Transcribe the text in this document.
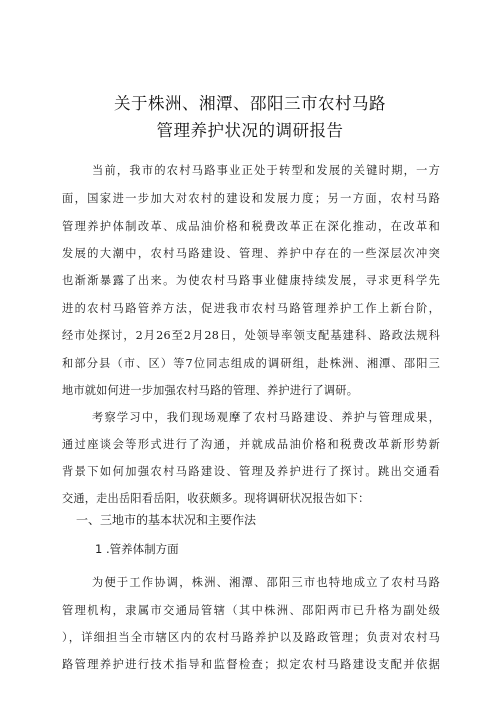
关于株洲、湘潭、邵阳三市农村马路
管理养护状况的调研报告
当前，我市的农村马路事业正处于转型和发展的关键时期，一方
面，国家进一步加大对农村的建设和发展力度；另一方面，农村马路
管理养护体制改革、成品油价格和税费改革正在深化推动，在改革和
发展的大潮中，农村马路建设、管理、养护中存在的一些深层次冲突
也渐渐暴露了出来。为使农村马路事业健康持续发展，寻求更科学先
进的农村马路管养方法，促进我市农村马路管理养护工作上新台阶，
经市处探讨，2月26至2月28日，处领导率领支配基建科、路政法规科
和部分县（市、区）等7位同志组成的调研组，赴株洲、湘潭、邵阳三
地市就如何进一步加强农村马路的管理、养护进行了调研。
考察学习中，我们现场观摩了农村马路建设、养护与管理成果，
通过座谈会等形式进行了沟通，并就成品油价格和税费改革新形势新
背景下如何加强农村马路建设、管理及养护进行了探讨。跳出交通看
交通，走出岳阳看岳阳，收获颇多。现将调研状况报告如下：
一、三地市的基本状况和主要作法
1 .管养体制方面
为便于工作协调，株洲、湘潭、邵阳三市也特地成立了农村马路
管理机构，隶属市交通局管辖（其中株洲、邵阳两市已升格为副处级
），详细担当全市辖区内的农村马路养护以及路政管理；负责对农村马
路管理养护进行技术指导和监督检查；拟定农村马路建设支配并依据
